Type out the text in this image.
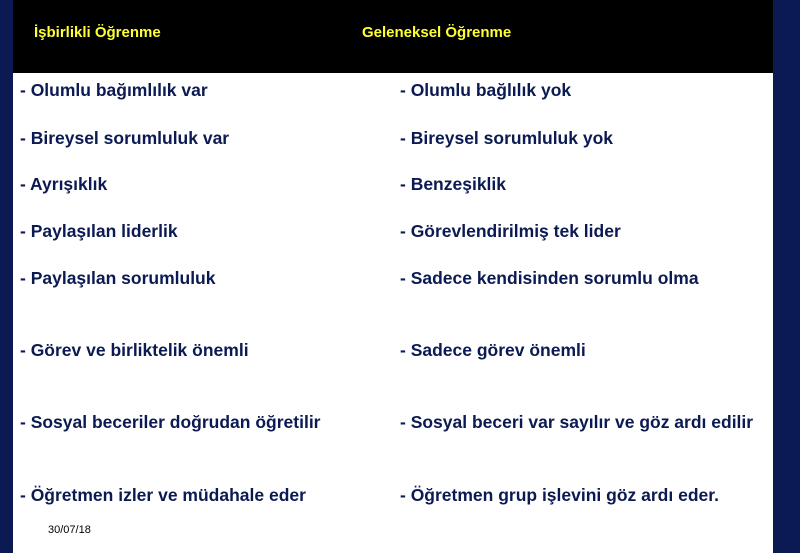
İşbirlikli Öğrenme	Geleneksel Öğrenme
- Olumlu bağımlılık var	- Olumlu bağlılık yok
- Bireysel sorumluluk var	- Bireysel sorumluluk yok
- Ayrışıklık	- Benzeşiklik
- Paylaşılan liderlik	- Görevlendirilmiş tek lider
- Paylaşılan sorumluluk	- Sadece kendisinden sorumlu olma
- Görev ve birliktelik önemli	- Sadece görev önemli
- Sosyal beceriler doğrudan öğretilir	- Sosyal beceri var sayılır ve göz ardı edilir
- Öğretmen izler ve müdahale eder	- Öğretmen grup işlevini göz ardı eder.
30/07/18
